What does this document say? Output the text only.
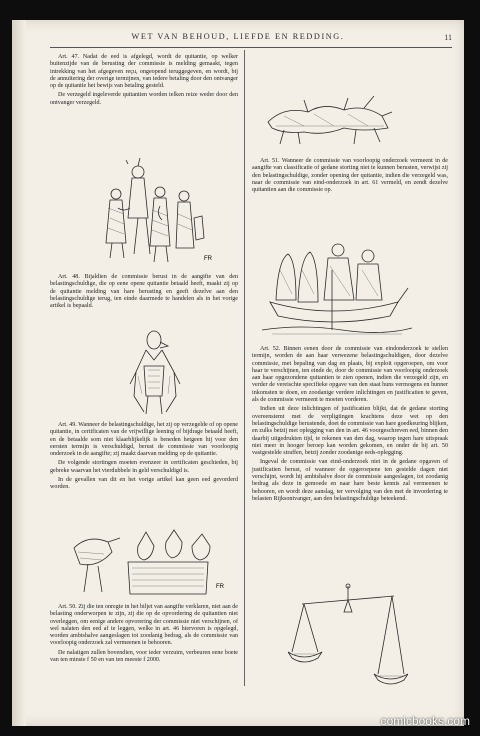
WET VAN BEHOUD, LIEFDE EN REDDING.	11

Art. 47. Nadat de eed is afgelegd, wordt de quitantie, op welker buitenzijde van de berusting der commissie is melding gemaakt, tegen intrekking van het afgegeven reçu, ongeopend teruggegeven, en wordt, bij de annuïtering der overige termijnen, van iedere betaling door den ontvanger op de quitantie het bewijs van betaling gesteld.

De verzegeld ingeleverde quitantien worden telken reize weder door den ontvanger verzegeld.

FR

Art. 48. Bijaldien de commissie berust in de aangifte van den belastingschuldige, die op eene opene quitantie betaald heeft, maakt zij op de quitantie melding van hare berusting en geeft dezelve aan den belastingschuldige terug, ten einde daarmede te handelen als in het vorige artikel is bepaald.

Art. 49. Wanneer de belastingschuldige, het zij op verzegelde of op opene quitantie, in certificaten van de vrijwillige leening of bijdrage betaald heeft, en de betaalde som niet klaarblijkelijk is beneden hetgeen hij voor den eersten termijn is verschuldigd, berust de commissie van voorloopig onderzoek in de aangifte; zij maakt daarvan melding op de quitantie.

De volgende stortingen moeten evenzeer in certificaten geschieden, bij gebreke waarvan het vierdubbele in geld verschuldigd is.

In de gevallen van dit en het vorige artikel kan geen eed gevorderd worden.

FR

Art. 50. Zij die ten onregte in het biljet van aangifte verklaren, niet aan de belasting onderworpen te zijn, zij die op de opvordering de quitantien niet overleggen, om eenige andere opvorering der commissie niet verschijnen, of wel nalaten den eed af te leggen, welke in art. 46 hiervoren is opgelegd, worden ambtshalve aangeslagen tot zoodanig bedrag, als de commissie van voorloopig onderzoek zal vermeenen te behooren.

De nalatigen zullen bovendien, voor ieder verzuim, verbeuren eene boete van ten minste f 50 en van ten meeste f 2000.

Art. 51. Wanneer de commissie van voorloopig onderzoek vermeent in de aangifte van classificatie of gedane storting niet te kunnen berusten, verwijst zij den belastingschuldige, zonder opening der quitantie, indien die verzegeld was, naar de commissie van eind-onderzoek in art. 61 vermeld, en zendt dezelve quitantien aan die commissie op.

Art. 52. Binnen eenen door de commissie van eindonderzoek te stellen termijn, worden de aan haar verwezene belastingschuldigen, door dezelve commissie, met bepaling van dag en plaats, bij exploit opgeroepen, om voor haar te verschijnen, ten einde de, door de commissie van voorloopig onderzoek aan haar opgezondene quitantien te zien openen, indien die verzegeld zijn, en verder de vereischte specifieke opgave van den staat huns vermogens en hunner inkomsten te doen, en zoodanige verdere inlichtingen en justificatien te geven, als de commissie vermeent te moeten vorderen.

Indien uit deze inlichtingen of justificatien blijkt, dat de gedane storting overeenstemt met de verpligtingen krachtens deze wet op den belastingschuldige berustende, doet de commissie van hare goedkeuring blijken, en zulks betzij met oplegging van den in art. 46 voorgeschreven eed, binnen den daarbij uitgedrukten tijd, te rekenen van den dag, waarop tegen hare uitspraak niet meer in hooger beroep kan worden gekomen, en onder de bij art. 50 vastgestelde straffen, betzij zonder zoodanige eeds-oplegging.

Ingeval de commissie van eind-onderzoek niet in de gedane opgaven of justificatien berust, of wanneer de opgeroepene ten gestelde dagen niet verschijnt, wordt hij ambtshalve door de commissie aangeslagen, tot zoodanig bedrag als deze in gemoede en naar hare beste kennis zal vermeenen te behooren, en wordt deze aanslag, ter vervolging van den met de invordering te belasten Rijksontvanger, aan den belastingschuldige beteekend.

comicbooks.com
